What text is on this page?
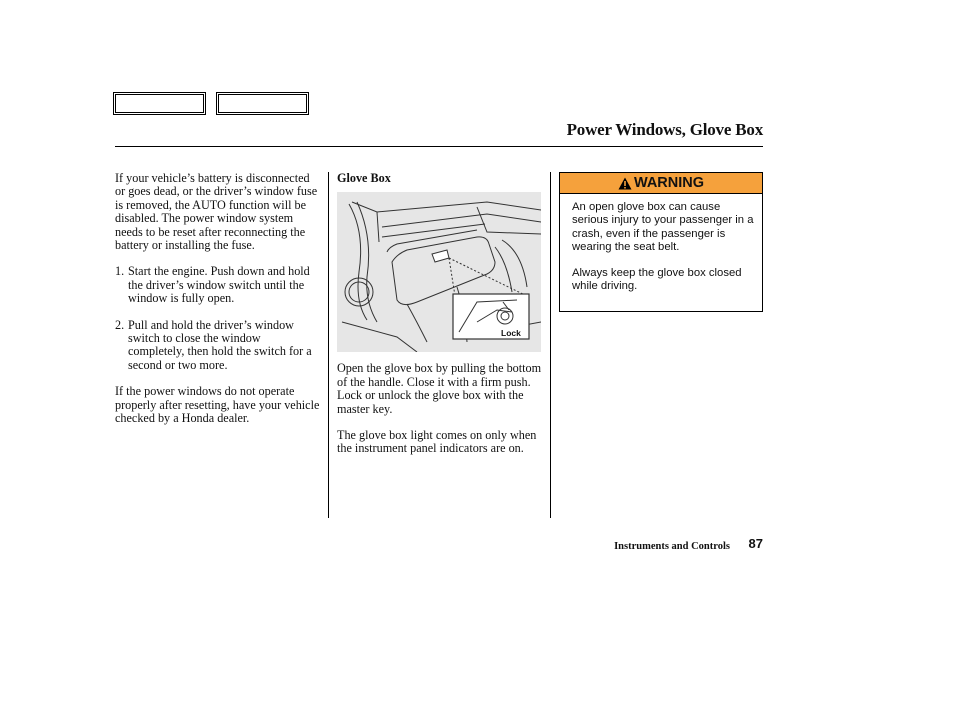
Power Windows, Glove Box

If your vehicle’s battery is disconnected or goes dead, or the driver’s window fuse is removed, the AUTO function will be disabled. The power window system needs to be reset after reconnecting the battery or installing the fuse.

1. Start the engine. Push down and hold the driver’s window switch until the window is fully open.
2. Pull and hold the driver’s window switch to close the window completely, then hold the switch for a second or two more.

If the power windows do not operate properly after resetting, have your vehicle checked by a Honda dealer.

Glove Box
Lock

Open the glove box by pulling the bottom of the handle. Close it with a firm push. Lock or unlock the glove box with the master key.

The glove box light comes on only when the instrument panel indicators are on.

WARNING

An open glove box can cause serious injury to your passenger in a crash, even if the passenger is wearing the seat belt.

Always keep the glove box closed while driving.

Instruments and Controls 87
